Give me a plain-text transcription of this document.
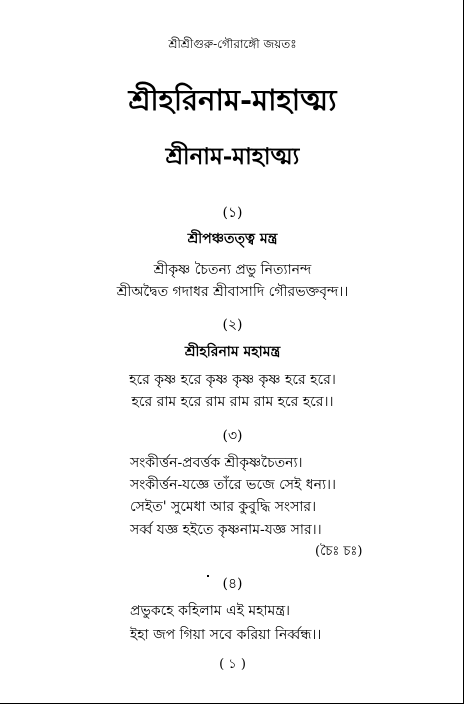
শ্রীশ্রীগুরু-গৌরাঙ্গৌ জয়তঃ
শ্রীহরিনাম-মাহাত্ম্য
শ্রীনাম-মাহাত্ম্য
(১)
শ্রীপঞ্চতত্ত্ব মন্ত্র
শ্রীকৃষ্ণ চৈতন্য প্রভু নিত্যানন্দ
শ্রীঅদ্বৈত গদাধর শ্রীবাসাদি গৌরভক্তবৃন্দ।।
(২)
শ্রীহরিনাম মহামন্ত্র
হরে কৃষ্ণ হরে কৃষ্ণ কৃষ্ণ কৃষ্ণ হরে হরে।
হরে রাম হরে রাম রাম রাম হরে হরে।।
(৩)
সংকীর্ত্তন-প্রবর্ত্তক শ্রীকৃষ্ণচৈতন্য।
সংকীর্ত্তন-যজ্ঞে তাঁরে ভজে সেই ধন্য।।
সেইত' সুমেধা আর কুবুদ্ধি সংসার।
সর্ব্ব যজ্ঞ হইতে কৃষ্ণনাম-যজ্ঞ সার।।
(চৈঃ চঃ)
(৪)
প্রভুকহে কহিলাম এই মহামন্ত্র।
ইহা জপ গিয়া সবে করিয়া নির্ব্বন্ধ।।
( ১ )
